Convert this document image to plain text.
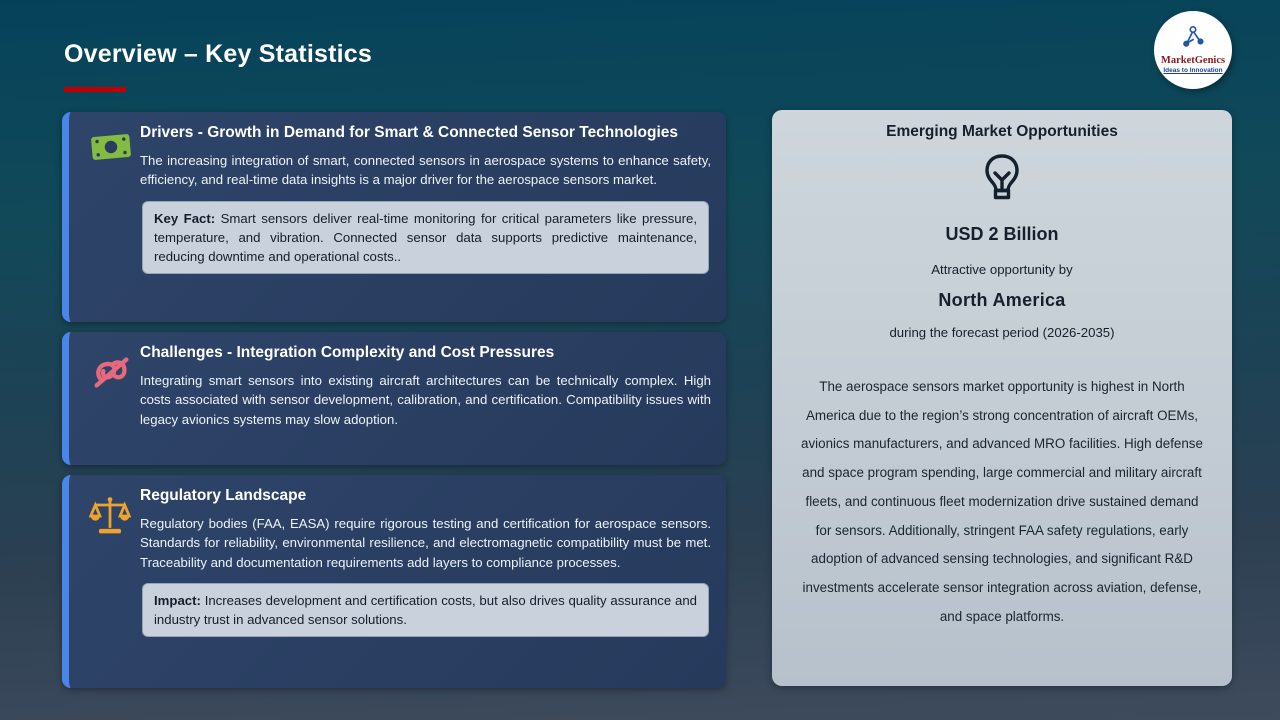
Overview – Key Statistics	MarketGenics
Ideas to Innovation
Drivers - Growth in Demand for Smart & Connected Sensor Technologies

The increasing integration of smart, connected sensors in aerospace systems to enhance safety, efficiency, and real-time data insights is a major driver for the aerospace sensors market.

Key Fact: Smart sensors deliver real-time monitoring for critical parameters like pressure, temperature, and vibration. Connected sensor data supports predictive maintenance, reducing downtime and operational costs..
Challenges - Integration Complexity and Cost Pressures

Integrating smart sensors into existing aircraft architectures can be technically complex. High costs associated with sensor development, calibration, and certification. Compatibility issues with legacy avionics systems may slow adoption.

Regulatory Landscape

Regulatory bodies (FAA, EASA) require rigorous testing and certification for aerospace sensors. Standards for reliability, environmental resilience, and electromagnetic compatibility must be met. Traceability and documentation requirements add layers to compliance processes.

Impact: Increases development and certification costs, but also drives quality assurance and industry trust in advanced sensor solutions.
Emerging Market Opportunities
USD 2 Billion
Attractive opportunity by
North America
during the forecast period (2026-2035)
The aerospace sensors market opportunity is highest in North America due to the region’s strong concentration of aircraft OEMs, avionics manufacturers, and advanced MRO facilities. High defense and space program spending, large commercial and military aircraft fleets, and continuous fleet modernization drive sustained demand for sensors. Additionally, stringent FAA safety regulations, early adoption of advanced sensing technologies, and significant R&D investments accelerate sensor integration across aviation, defense, and space platforms.
